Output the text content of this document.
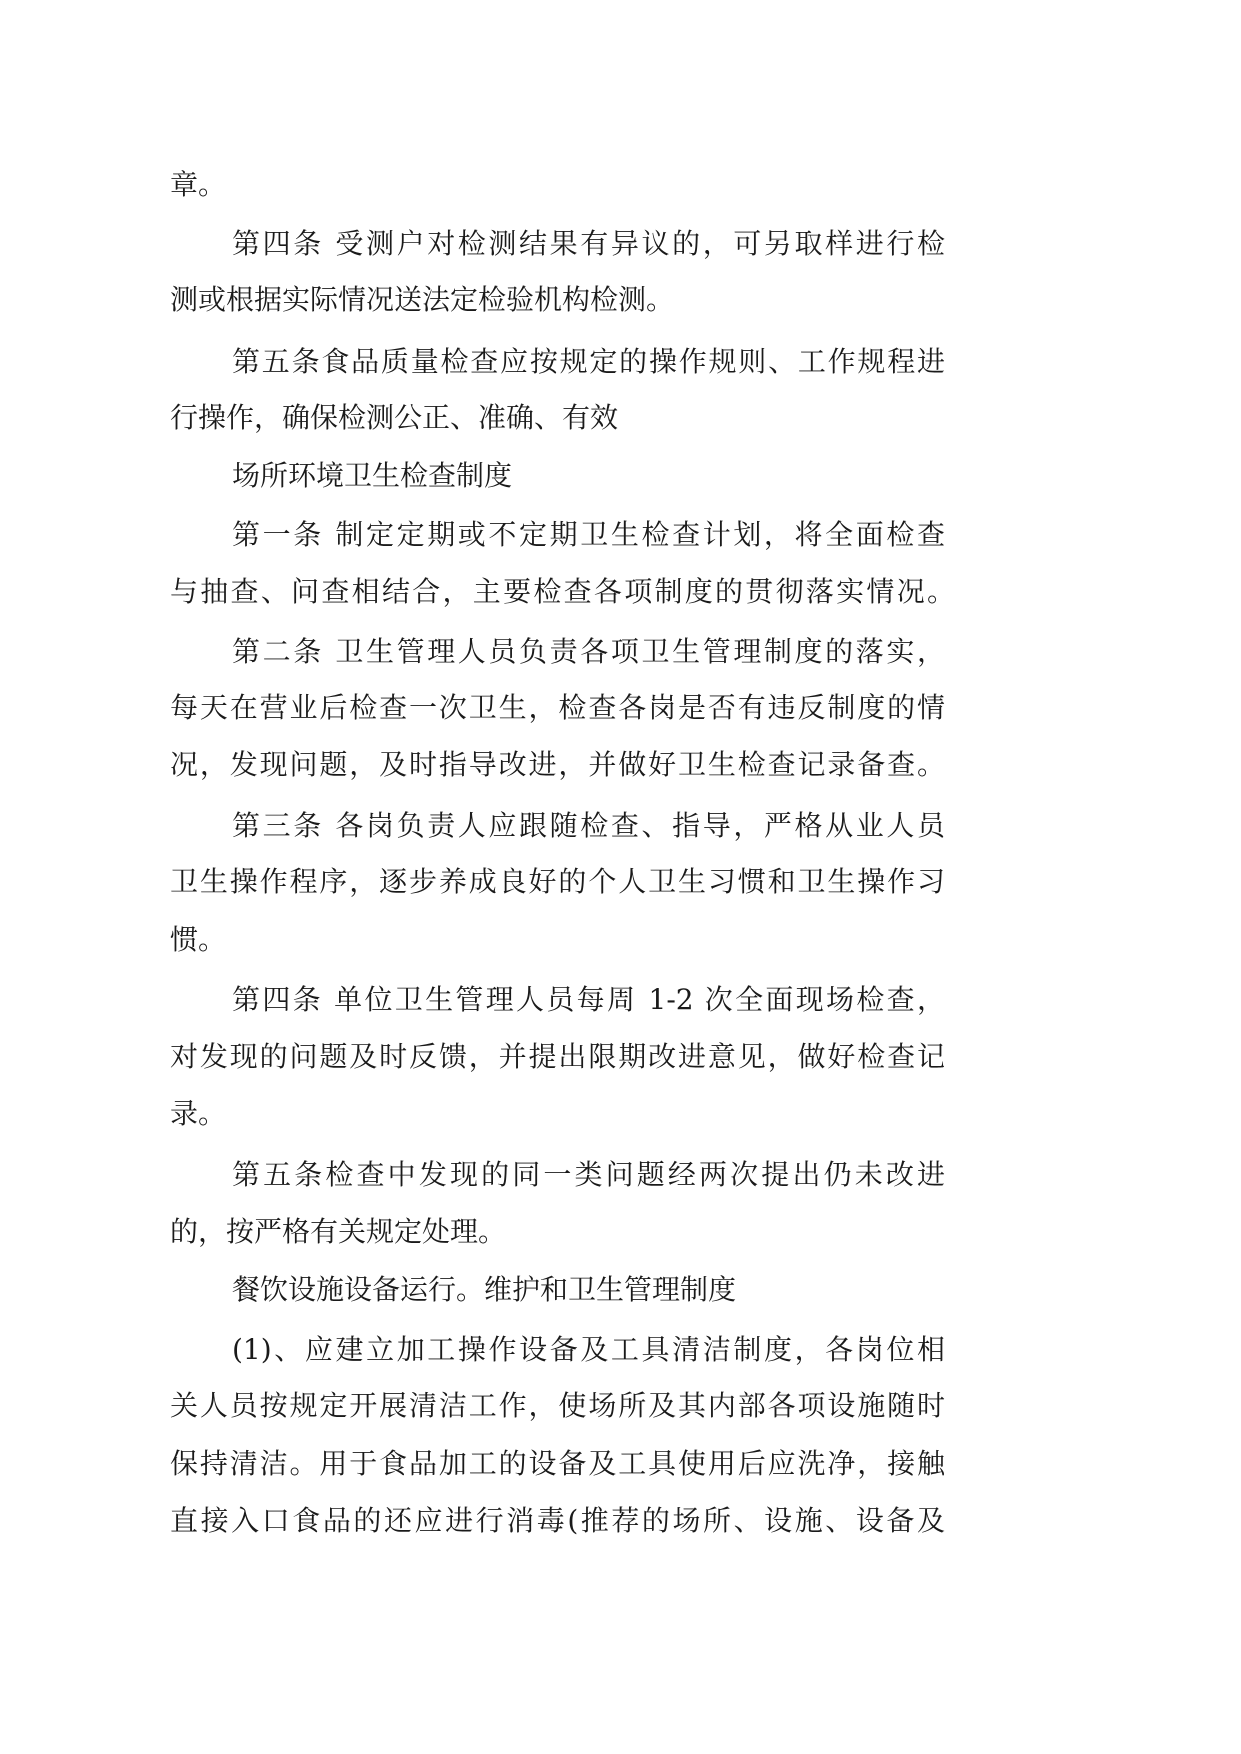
章。
第四条 受测户对检测结果有异议的，可另取样进行检
测或根据实际情况送法定检验机构检测。
第五条食品质量检查应按规定的操作规则、工作规程进
行操作，确保检测公正、准确、有效
场所环境卫生检查制度
第一条 制定定期或不定期卫生检查计划，将全面检查
与抽查、问查相结合，主要检查各项制度的贯彻落实情况。
第二条 卫生管理人员负责各项卫生管理制度的落实，
每天在营业后检查一次卫生，检查各岗是否有违反制度的情
况，发现问题，及时指导改进，并做好卫生检查记录备查。
第三条 各岗负责人应跟随检查、指导，严格从业人员
卫生操作程序，逐步养成良好的个人卫生习惯和卫生操作习
惯。
第四条 单位卫生管理人员每周 1-2 次全面现场检查，
对发现的问题及时反馈，并提出限期改进意见，做好检查记
录。
第五条检查中发现的同一类问题经两次提出仍未改进
的，按严格有关规定处理。
餐饮设施设备运行。维护和卫生管理制度
(1)、应建立加工操作设备及工具清洁制度，各岗位相
关人员按规定开展清洁工作，使场所及其内部各项设施随时
保持清洁。用于食品加工的设备及工具使用后应洗净，接触
直接入口食品的还应进行消毒(推荐的场所、设施、设备及
